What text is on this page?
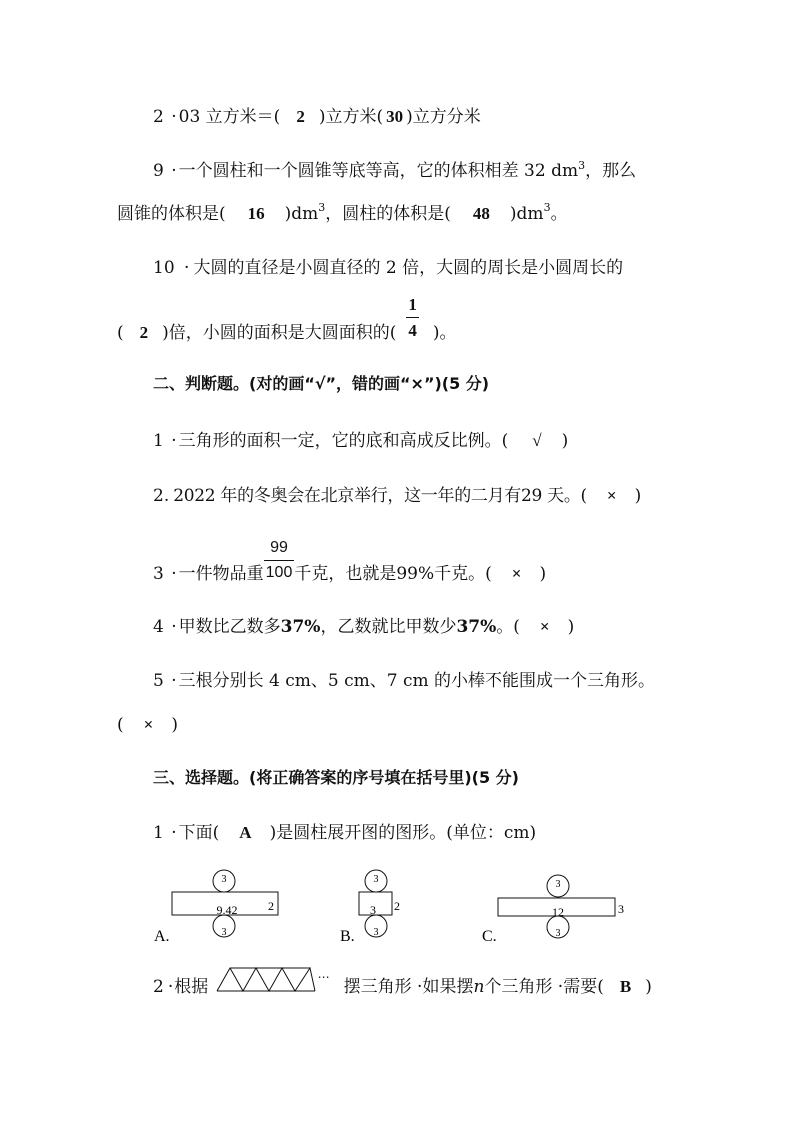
2 · 03 立方米＝( 2 )立方米( 30 )立方分米
9 · 一个圆柱和一个圆锥等底等高，它的体积相差 32 $dm^3$，那么
圆锥的体积是( 16 )$dm^3$，圆柱的体积是( 48 )$dm^3$。
10 · 大圆的直径是小圆直径的 2 倍，大圆的周长是小圆周长的
( 2 )倍，小圆的面积是大圆面积的( $\frac{1}{4}$ )。
二、判断题。(对的画“√”，错的画“×”)(5 分)
1 · 三角形的面积一定，它的底和高成反比例。( √ )
2. 2022 年的冬奥会在北京举行，这一年的二月有29 天。( × )
3 · 一件物品重 $\frac{99}{100}$ 千克，也就是99%千克。( × )
4 · 甲数比乙数多37%，乙数就比甲数少37%。( × )
5 · 三根分别长 4 cm、5 cm、7 cm 的小棒不能围成一个三角形。
( × )
三、选择题。(将正确答案的序号填在括号里)(5 分)
1 · 下面( A )是圆柱展开图的图形。(单位：cm)
3
9.42	2
3
A.
3
3 2
3
B.
3
12	3
3
C.
2 ·根据 …摆三角形 ·如果摆n个三角形 ·需要( B )
